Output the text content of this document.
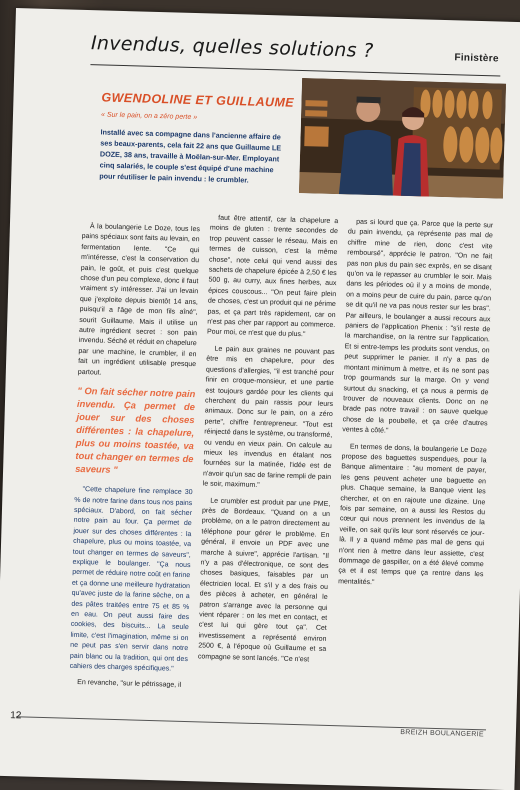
Invendus, quelles solutions ?	Finistère
GWENDOLINE ET GUILLAUME
« Sur le pain, on a zéro perte »

Installé avec sa compagne dans l'ancienne affaire de ses beaux-parents, cela fait 22 ans que Guillaume LE DOZE, 38 ans, travaille à Moëlan-sur-Mer. Employant cinq salariés, le couple s'est équipé d'une machine pour réutiliser le pain invendu : le crumbler.

À la boulangerie Le Doze, tous les pains spéciaux sont faits au levain, en fermentation lente. "Ce qui m'intéresse, c'est la conservation du pain, le goût, et puis c'est quelque chose d'un peu complexe, donc il faut vraiment s'y intéresser. J'ai un levain que j'exploite depuis bientôt 14 ans, puisqu'il a l'âge de mon fils aîné", sourit Guillaume. Mais il utilise un autre ingrédient secret : son pain invendu. Séché et réduit en chapelure par une machine, le crumbler, il en fait un ingrédient utilisable presque partout.

" On fait sécher notre pain invendu. Ça permet de jouer sur des choses différentes : la chapelure, plus ou moins toastée, va tout changer en termes de saveurs "

"Cette chapelure fine remplace 30 % de notre farine dans tous nos pains spéciaux. D'abord, on fait sécher notre pain au four. Ça permet de jouer sur des choses différentes : la chapelure, plus ou moins toastée, va tout changer en termes de saveurs", explique le boulanger. "Ça nous permet de réduire notre coût en farine et ça donne une meilleure hydratation qu'avec juste de la farine sèche, on a des pâtes traitées entre 75 et 85 % en eau. On peut aussi faire des cookies, des biscuits... La seule limite, c'est l'imagination, même si on ne peut pas s'en servir dans notre pain blanc ou la tradition, qui ont des cahiers des charges spécifiques."

En revanche, "sur le pétrissage, il

faut être attentif, car la chapelure a moins de gluten : trente secondes de trop peuvent casser le réseau. Mais en termes de cuisson, c'est la même chose", note celui qui vend aussi des sachets de chapelure épicée à 2,50 € les 500 g, au curry, aux fines herbes, aux épices couscous... "On peut faire plein de choses, c'est un produit qui ne périme pas, et ça part très rapidement, car on n'est pas cher par rapport au commerce. Pour moi, ce n'est que du plus."

Le pain aux graines ne pouvant pas être mis en chapelure, pour des questions d'allergies, "il est tranché pour finir en croque-monsieur, et une partie est toujours gardée pour les clients qui cherchent du pain rassis pour leurs animaux. Donc sur le pain, on a zéro perte", chiffre l'entrepreneur. "Tout est réinjecté dans le système, ou transformé, ou vendu en vieux pain. On calcule au mieux les invendus en étalant nos fournées sur la matinée, l'idée est de n'avoir qu'un sac de farine rempli de pain le soir, maximum."

Le crumbler est produit par une PME, près de Bordeaux. "Quand on a un problème, on a le patron directement au téléphone pour gérer le problème. En général, il envoie un PDF avec une marche à suivre", apprécie l'artisan. "Il n'y a pas d'électronique, ce sont des choses basiques, faisables par un électricien local. Et s'il y a des frais ou des pièces à acheter, en général le patron s'arrange avec la personne qui vient réparer : on les met en contact, et c'est lui qui gère tout ça". Cet investissement a représenté environ 2500 €, à l'époque où Guillaume et sa compagne se sont lancés. "Ce n'est

pas si lourd que ça. Parce que la perte sur du pain invendu, ça représente pas mal de chiffre mine de rien, donc c'est vite remboursé", apprécie le patron. "On ne fait pas non plus du pain sec exprès, en se disant qu'on va le repasser au crumbler le soir. Mais dans les périodes où il y a moins de monde, on a moins peur de cuire du pain, parce qu'on se dit qu'il ne va pas nous rester sur les bras". Par ailleurs, le boulanger a aussi recours aux paniers de l'application Phenix : "s'il reste de la marchandise, on la rentre sur l'application. Et si entre-temps les produits sont vendus, on peut supprimer le panier. Il n'y a pas de montant minimum à mettre, et ils ne sont pas trop gourmands sur la marge. On y vend surtout du snacking, et ça nous a permis de trouver de nouveaux clients. Donc on ne brade pas notre travail : on sauve quelque chose de la poubelle, et ça crée d'autres ventes à côté."

En termes de dons, la boulangerie Le Doze propose des baguettes suspendues, pour la Banque alimentaire : "au moment de payer, les gens peuvent acheter une baguette en plus. Chaque semaine, la Banque vient les chercher, et on en rajoute une dizaine. Une fois par semaine, on a aussi les Restos du cœur qui nous prennent les invendus de la veille, on sait qu'ils leur sont réservés ce jour-là. Il y a quand même pas mal de gens qui n'ont rien à mettre dans leur assiette, c'est dommage de gaspiller, on a été élevé comme ça et il est temps que ça rentre dans les mentalités."

12
BREIZH BOULANGERIE
